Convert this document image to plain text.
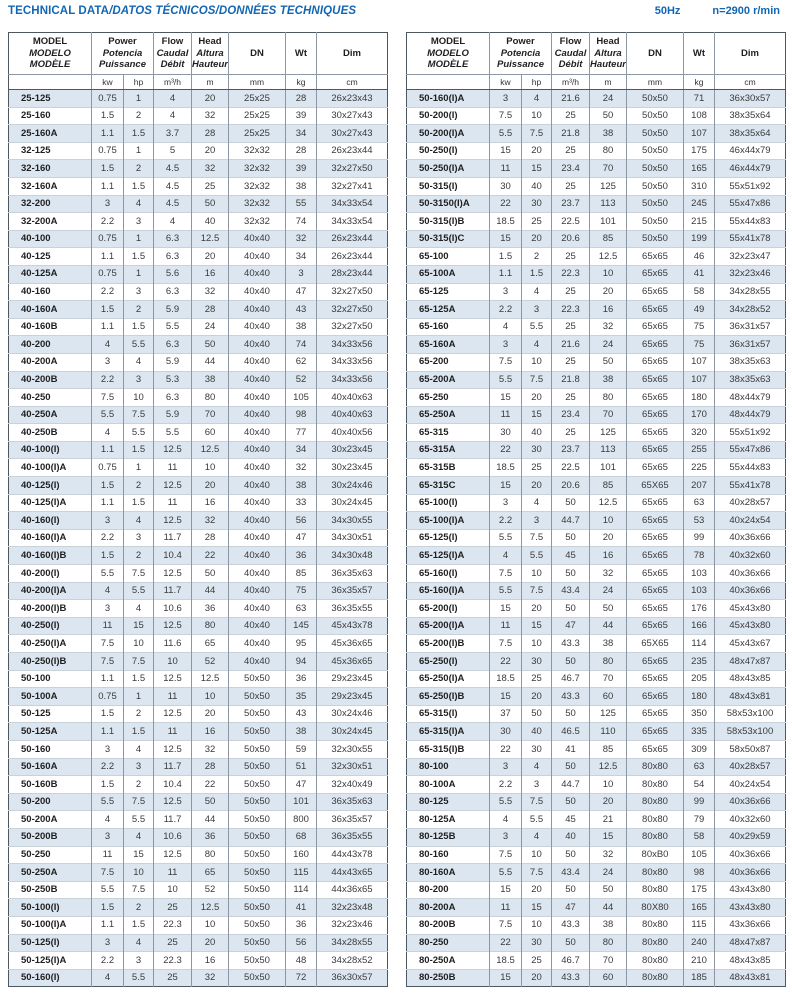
TECHNICAL DATA/DATOS TÉCNICOS/DONNÉES TECHNIQUES	50Hz	n=2900 r/min
MODEL
MODELO
MODÈLE	Power
Potencia
Puissance		Flow
Caudal
Débit	Head
Altura
Hauteur	DN	Wt	Dim

	kw	hp	m³/h	m	mm	kg	cm
25-125	0.75	1	4	20	25x25	28	26x23x43
25-160	1.5	2	4	32	25x25	39	30x27x43
25-160A	1.1	1.5	3.7	28	25x25	34	30x27x43
32-125	0.75	1	5	20	32x32	28	26x23x44
32-160	1.5	2	4.5	32	32x32	39	32x27x50
32-160A	1.1	1.5	4.5	25	32x32	38	32x27x41
32-200	3	4	4.5	50	32x32	55	34x33x54
32-200A	2.2	3	4	40	32x32	74	34x33x54
40-100	0.75	1	6.3	12.5	40x40	32	26x23x44
40-125	1.1	1.5	6.3	20	40x40	34	26x23x44
40-125A	0.75	1	5.6	16	40x40	3	28x23x44
40-160	2.2	3	6.3	32	40x40	47	32x27x50
40-160A	1.5	2	5.9	28	40x40	43	32x27x50
40-160B	1.1	1.5	5.5	24	40x40	38	32x27x50
40-200	4	5.5	6.3	50	40x40	74	34x33x56
40-200A	3	4	5.9	44	40x40	62	34x33x56
40-200B	2.2	3	5.3	38	40x40	52	34x33x56
40-250	7.5	10	6.3	80	40x40	105	40x40x63
40-250A	5.5	7.5	5.9	70	40x40	98	40x40x63
40-250B	4	5.5	5.5	60	40x40	77	40x40x56
40-100(I)	1.1	1.5	12.5	12.5	40x40	34	30x23x45
40-100(I)A	0.75	1	11	10	40x40	32	30x23x45
40-125(I)	1.5	2	12.5	20	40x40	38	30x24x46
40-125(I)A	1.1	1.5	11	16	40x40	33	30x24x45
40-160(I)	3	4	12.5	32	40x40	56	34x30x55
40-160(I)A	2.2	3	11.7	28	40x40	47	34x30x51
40-160(I)B	1.5	2	10.4	22	40x40	36	34x30x48
40-200(I)	5.5	7.5	12.5	50	40x40	85	36x35x63
40-200(I)A	4	5.5	11.7	44	40x40	75	36x35x57
40-200(I)B	3	4	10.6	36	40x40	63	36x35x55
40-250(I)	11	15	12.5	80	40x40	145	45x43x78
40-250(I)A	7.5	10	11.6	65	40x40	95	45x36x65
40-250(I)B	7.5	7.5	10	52	40x40	94	45x36x65
50-100	1.1	1.5	12.5	12.5	50x50	36	29x23x45
50-100A	0.75	1	11	10	50x50	35	29x23x45
50-125	1.5	2	12.5	20	50x50	43	30x24x46
50-125A	1.1	1.5	11	16	50x50	38	30x24x45
50-160	3	4	12.5	32	50x50	59	32x30x55
50-160A	2.2	3	11.7	28	50x50	51	32x30x51
50-160B	1.5	2	10.4	22	50x50	47	32x40x49
50-200	5.5	7.5	12.5	50	50x50	101	36x35x63
50-200A	4	5.5	11.7	44	50x50	800	36x35x57
50-200B	3	4	10.6	36	50x50	68	36x35x55
50-250	11	15	12.5	80	50x50	160	44x43x78
50-250A	7.5	10	11	65	50x50	115	44x43x65
50-250B	5.5	7.5	10	52	50x50	114	44x36x65
50-100(I)	1.5	2	25	12.5	50x50	41	32x23x48
50-100(I)A	1.1	1.5	22.3	10	50x50	36	32x23x46
50-125(I)	3	4	25	20	50x50	56	34x28x55
50-125(I)A	2.2	3	22.3	16	50x50	48	34x28x52
50-160(I)	4	5.5	25	32	50x50	72	36x30x57
MODEL
MODELO
MODÈLE	Power
Potencia
Puissance		Flow
Caudal
Débit	Head
Altura
Hauteur	DN	Wt	Dim

	kw	hp	m³/h	m	mm	kg	cm
50-160(I)A	3	4	21.6	24	50x50	71	36x30x57
50-200(I)	7.5	10	25	50	50x50	108	38x35x64
50-200(I)A	5.5	7.5	21.8	38	50x50	107	38x35x64
50-250(I)	15	20	25	80	50x50	175	46x44x79
50-250(I)A	11	15	23.4	70	50x50	165	46x44x79
50-315(I)	30	40	25	125	50x50	310	55x51x92
50-3150(I)A	22	30	23.7	113	50x50	245	55x47x86
50-315(I)B	18.5	25	22.5	101	50x50	215	55x44x83
50-315(I)C	15	20	20.6	85	50x50	199	55x41x78
65-100	1.5	2	25	12.5	65x65	46	32x23x47
65-100A	1.1	1.5	22.3	10	65x65	41	32x23x46
65-125	3	4	25	20	65x65	58	34x28x55
65-125A	2.2	3	22.3	16	65x65	49	34x28x52
65-160	4	5.5	25	32	65x65	75	36x31x57
65-160A	3	4	21.6	24	65x65	75	36x31x57
65-200	7.5	10	25	50	65x65	107	38x35x63
65-200A	5.5	7.5	21.8	38	65x65	107	38x35x63
65-250	15	20	25	80	65x65	180	48x44x79
65-250A	11	15	23.4	70	65x65	170	48x44x79
65-315	30	40	25	125	65x65	320	55x51x92
65-315A	22	30	23.7	113	65x65	255	55x47x86
65-315B	18.5	25	22.5	101	65x65	225	55x44x83
65-315C	15	20	20.6	85	65X65	207	55x41x78
65-100(I)	3	4	50	12.5	65x65	63	40x28x57
65-100(I)A	2.2	3	44.7	10	65x65	53	40x24x54
65-125(I)	5.5	7.5	50	20	65x65	99	40x36x66
65-125(I)A	4	5.5	45	16	65x65	78	40x32x60
65-160(I)	7.5	10	50	32	65x65	103	40x36x66
65-160(I)A	5.5	7.5	43.4	24	65x65	103	40x36x66
65-200(I)	15	20	50	50	65x65	176	45x43x80
65-200(I)A	11	15	47	44	65x65	166	45x43x80
65-200(I)B	7.5	10	43.3	38	65X65	114	45x43x67
65-250(I)	22	30	50	80	65x65	235	48x47x87
65-250(I)A	18.5	25	46.7	70	65x65	205	48x43x85
65-250(I)B	15	20	43.3	60	65x65	180	48x43x81
65-315(I)	37	50	50	125	65x65	350	58x53x100
65-315(I)A	30	40	46.5	110	65x65	335	58x53x100
65-315(I)B	22	30	41	85	65x65	309	58x50x87
80-100	3	4	50	12.5	80x80	63	40x28x57
80-100A	2.2	3	44.7	10	80x80	54	40x24x54
80-125	5.5	7.5	50	20	80x80	99	40x36x66
80-125A	4	5.5	45	21	80x80	79	40x32x60
80-125B	3	4	40	15	80x80	58	40x29x59
80-160	7.5	10	50	32	80xB0	105	40x36x66
80-160A	5.5	7.5	43.4	24	80x80	98	40x36x66
80-200	15	20	50	50	80x80	175	43x43x80
80-200A	11	15	47	44	80X80	165	43x43x80
80-200B	7.5	10	43.3	38	80x80	115	43x36x66
80-250	22	30	50	80	80x80	240	48x47x87
80-250A	18.5	25	46.7	70	80x80	210	48x43x85
80-250B	15	20	43.3	60	80x80	185	48x43x81
